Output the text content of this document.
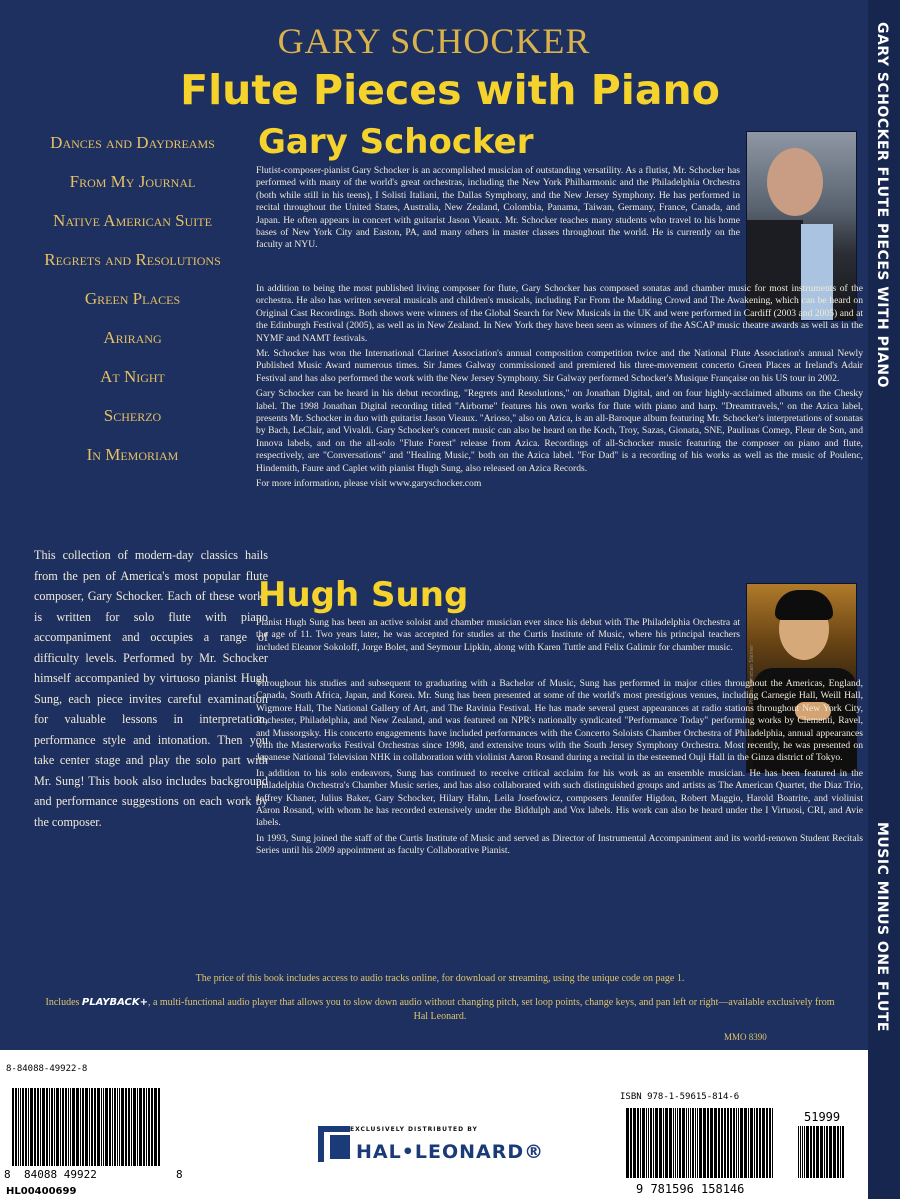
GARY SCHOCKER
Flute Pieces with Piano	GARY SCHOCKER FLUTE PIECES WITH PIANO
MUSIC MINUS ONE FLUTE
Dances and Daydreams
From My Journal
Native American Suite
Regrets and Resolutions
Green Places
Arirang
At Night
Scherzo
In Memoriam
This collection of modern-day classics hails from the pen of America's most popular flute composer, Gary Schocker. Each of these works is written for solo flute with piano accompaniment and occupies a range of difficulty levels. Performed by Mr. Schocker himself accompanied by virtuoso pianist Hugh Sung, each piece invites careful examination for valuable lessons in interpretation, performance style and intonation. Then you take center stage and play the solo part with Mr. Sung! This book also includes background and performance suggestions on each work by the composer.
Gary Schocker

Flutist-composer-pianist Gary Schocker is an accomplished musician of outstanding versatility. As a flutist, Mr. Schocker has performed with many of the world's great orchestras, including the New York Philharmonic and the Philadelphia Orchestra (both while still in his teens), I Solisti Italiani, the Dallas Symphony, and the New Jersey Symphony. He has performed in recital throughout the United States, Australia, New Zealand, Colombia, Panama, Taiwan, Germany, France, Canada, and Japan. He often appears in concert with guitarist Jason Vieaux. Mr. Schocker teaches many students who travel to his home bases of New York City and Easton, PA, and many others in master classes throughout the world. He is currently on the faculty at NYU.

In addition to being the most published living composer for flute, Gary Schocker has composed sonatas and chamber music for most instruments of the orchestra. He also has written several musicals and children's musicals, including Far From the Madding Crowd and The Awakening, which can be heard on Original Cast Recordings. Both shows were winners of the Global Search for New Musicals in the UK and were performed in Cardiff (2003 and 2005) and at the Edinburgh Festival (2005), as well as in New Zealand. In New York they have been seen as winners of the ASCAP music theatre awards as well as in the NYMF and NAMT festivals.

Mr. Schocker has won the International Clarinet Association's annual composition competition twice and the National Flute Association's annual Newly Published Music Award numerous times. Sir James Galway commissioned and premiered his three-movement concerto Green Places at Ireland's Adair Festival and has also performed the work with the New Jersey Symphony. Sir Galway performed Schocker's Musique Française on his US tour in 2002.

Gary Schocker can be heard in his debut recording, "Regrets and Resolutions," on Jonathan Digital, and on four highly-acclaimed albums on the Chesky label. The 1998 Jonathan Digital recording titled "Airborne" features his own works for flute with piano and harp. "Dreamtravels," on the Azica label, presents Mr. Schocker in duo with guitarist Jason Vieaux. "Arioso," also on Azica, is an all-Baroque album featuring Mr. Schocker's interpretations of sonatas by Bach, LeClair, and Vivaldi. Gary Schocker's concert music can also be heard on the Koch, Troy, Sazas, Gionata, SNE, Paulinas Comep, Fleur de Son, and Innova labels, and on the all-solo "Flute Forest" release from Azica. Recordings of all-Schocker music featuring the composer on piano and flute, respectively, are "Conversations" and "Healing Music," both on the Azica label. "For Dad" is a recording of his works as well as the music of Poulenc, Hindemith, Faure and Caplet with pianist Hugh Sung, also released on Azica Records.

For more information, please visit www.garyschocker.com

Hugh Sung
Photo: Christian Steiner

Pianist Hugh Sung has been an active soloist and chamber musician ever since his debut with The Philadelphia Orchestra at the age of 11. Two years later, he was accepted for studies at the Curtis Institute of Music, where his principal teachers included Eleanor Sokoloff, Jorge Bolet, and Seymour Lipkin, along with Karen Tuttle and Felix Galimir for chamber music.

Throughout his studies and subsequent to graduating with a Bachelor of Music, Sung has performed in major cities throughout the Americas, England, Canada, South Africa, Japan, and Korea. Mr. Sung has been presented at some of the world's most prestigious venues, including Carnegie Hall, Weill Hall, Wigmore Hall, The National Gallery of Art, and The Ravinia Festival. He has made several guest appearances at radio stations throughout New York City, Rochester, Philadelphia, and New Zealand, and was featured on NPR's nationally syndicated "Performance Today" performing works by Clementi, Ravel, and Mussorgsky. His concerto engagements have included performances with the Concerto Soloists Chamber Orchestra of Philadelphia, annual appearances with the Masterworks Festival Orchestras since 1998, and extensive tours with the South Jersey Symphony Orchestra. Most recently, he was presented on Japanese National Television NHK in collaboration with violinist Aaron Rosand during a recital in the esteemed Ouji Hall in the Ginza district of Tokyo.

In addition to his solo endeavors, Sung has continued to receive critical acclaim for his work as an ensemble musician. He has been featured in the Philadelphia Orchestra's Chamber Music series, and has also collaborated with such distinguished groups and artists as The American Quartet, the Diaz Trio, Jeffrey Khaner, Julius Baker, Gary Schocker, Hilary Hahn, Leila Josefowicz, composers Jennifer Higdon, Robert Maggio, Harold Boatrite, and violinist Aaron Rosand, with whom he has recorded extensively under the Biddulph and Vox labels. His work can also be heard under the I Virtuosi, CRI, and Avie labels.

In 1993, Sung joined the staff of the Curtis Institute of Music and served as Director of Instrumental Accompaniment and its world-renown Student Recitals Series until his 2009 appointment as faculty Collaborative Pianist.

The price of this book includes access to audio tracks online, for download or streaming, using the unique code on page 1.
Includes PLAYBACK+, a multi-functional audio player that allows you to slow down audio without changing pitch, set loop points, change keys, and pan left or right—available exclusively from Hal Leonard.
MMO 8390
8-84088-49922-8
8 84088 49922	8
HL00400699
EXCLUSIVELY DISTRIBUTED BY
HAL•LEONARD®
ISBN 978-1-59615-814-6
51999
9 781596 158146
